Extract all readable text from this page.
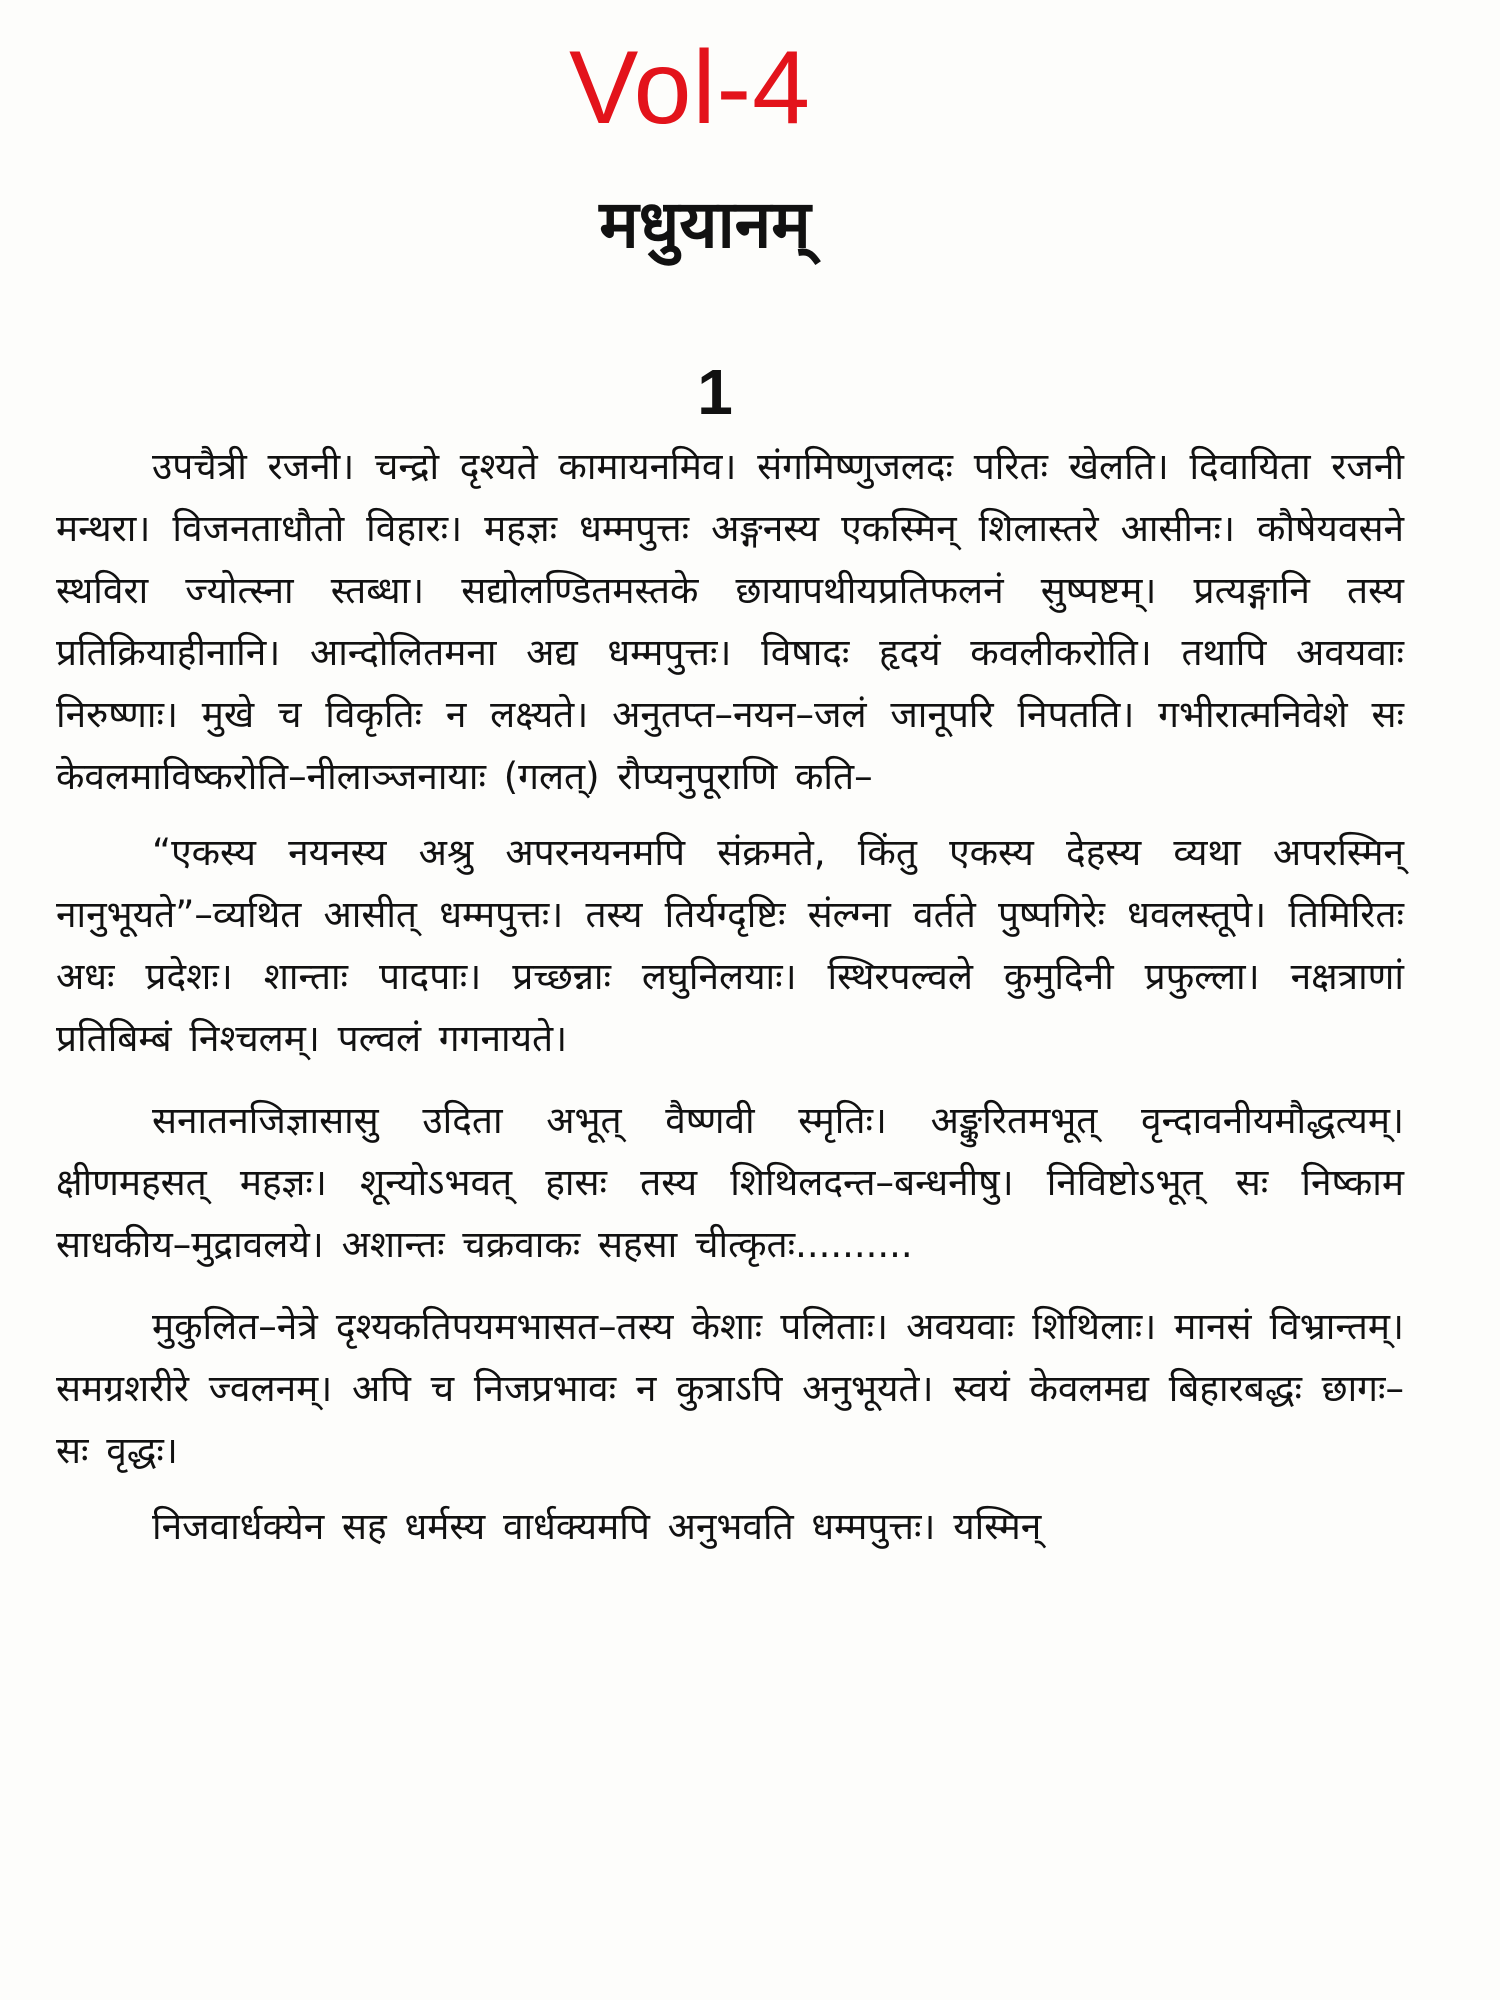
Vol-4
मधुयानम्
1

उपचैत्री रजनी। चन्द्रो दृश्यते कामायनमिव। संगमिष्णुजलदः परितः खेलति। दिवायिता रजनी मन्थरा। विजनताधौतो विहारः। महज्ञः धम्मपुत्तः अङ्गनस्य एकस्मिन् शिलास्तरे आसीनः। कौषेयवसने स्थविरा ज्योत्स्ना स्तब्धा। सद्योलण्डितमस्तके छायापथीयप्रतिफलनं सुष्पष्टम्। प्रत्यङ्गानि तस्य प्रतिक्रियाहीनानि। आन्दोलितमना अद्य धम्मपुत्तः। विषादः हृदयं कवलीकरोति। तथापि अवयवाः निरुष्णाः। मुखे च विकृतिः न लक्ष्यते। अनुतप्त–नयन–जलं जानूपरि निपतति। गभीरात्मनिवेशे सः केवलमाविष्करोति–नीलाञ्जनायाः (गलत्) रौप्यनुपूराणि कति–

“एकस्य नयनस्य अश्रु अपरनयनमपि संक्रमते, किंतु एकस्य देहस्य व्यथा अपरस्मिन् नानुभूयते”–व्यथित आसीत् धम्मपुत्तः। तस्य तिर्यग्दृष्टिः संल्ग्ना वर्तते पुष्पगिरेः धवलस्तूपे। तिमिरितः अधः प्रदेशः। शान्ताः पादपाः। प्रच्छन्नाः लघुनिलयाः। स्थिरपल्वले कुमुदिनी प्रफुल्ला। नक्षत्राणां प्रतिबिम्बं निश्चलम्। पल्वलं गगनायते।

सनातनजिज्ञासासु उदिता अभूत् वैष्णवी स्मृतिः। अङ्कुरितमभूत् वृन्दावनीयमौद्धत्यम्। क्षीणमहसत् महज्ञः। शून्योऽभवत् हासः तस्य शिथिलदन्त–बन्धनीषु। निविष्टोऽभूत् सः निष्काम साधकीय–मुद्रावलये। अशान्तः चक्रवाकः सहसा चीत्कृतः..........

मुकुलित–नेत्रे दृश्यकतिपयमभासत–तस्य केशाः पलिताः। अवयवाः शिथिलाः। मानसं विभ्रान्तम्। समग्रशरीरे ज्वलनम्। अपि च निजप्रभावः न कुत्राऽपि अनुभूयते। स्वयं केवलमद्य बिहारबद्धः छागः–सः वृद्धः।

निजवार्धक्येन सह धर्मस्य वार्धक्यमपि अनुभवति धम्मपुत्तः। यस्मिन्
